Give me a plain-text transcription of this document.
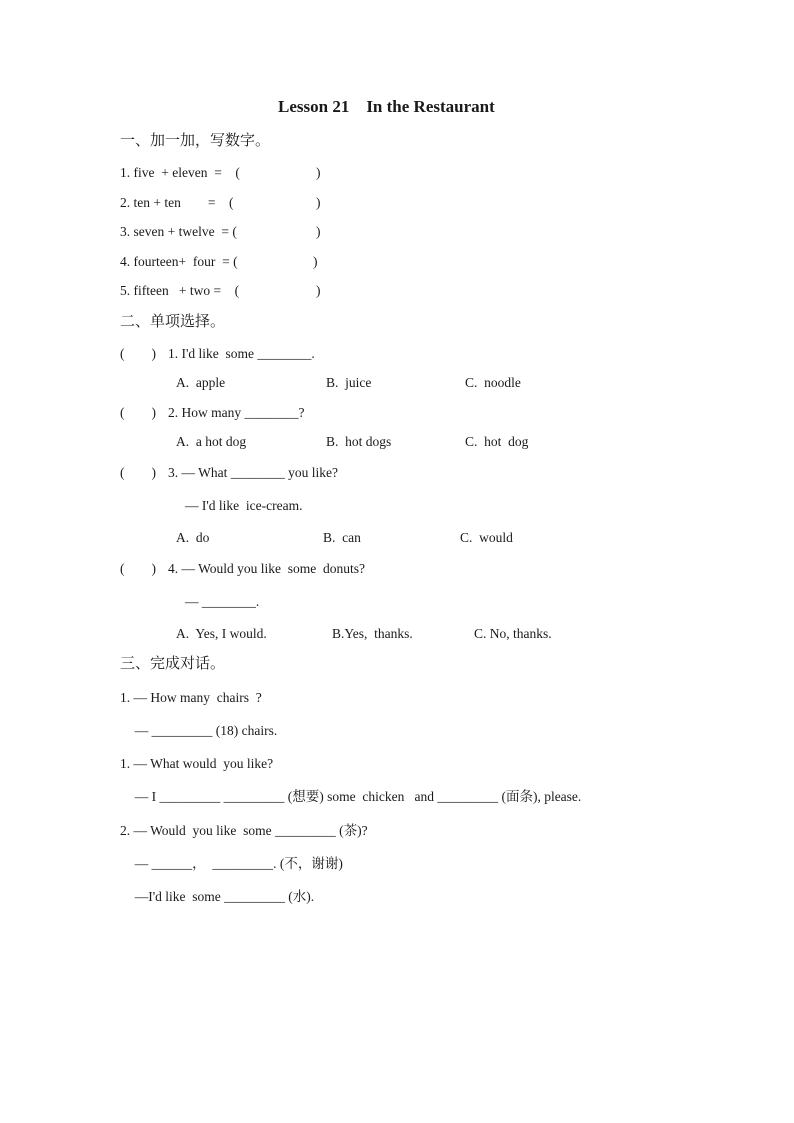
Lesson 21    In the Restaurant
一、加一加，写数字。
1. five  + eleven  =    (	)
2. ten + ten        =    (	)
3. seven + twelve  = (	)
4. fourteen+  four  = (	)
5. fifteen   + two =    (	)
二、单项选择。
(        ) 1. I'd like  some ________.
A.  apple	B.  juice	C.  noodle
(        ) 2. How many ________?
A.  a hot dog	B.  hot dogs	C.  hot  dog
(        ) 3. — What ________ you like?
— I'd like  ice-cream.
A.  do	B.  can	C.  would
(        ) 4. — Would you like  some  donuts?
— ________.
A.  Yes, I would.	B.Yes,  thanks.	C. No, thanks.
三、完成对话。
1. — How many  chairs  ?
— _________ (18) chairs.
1. — What would  you like?
— I _________ _________ (想要) some  chicken   and _________ (面条), please.
2. — Would  you like  some _________ (茶)?
— ______，  _________. (不，谢谢)
—I'd like  some _________ (水).
